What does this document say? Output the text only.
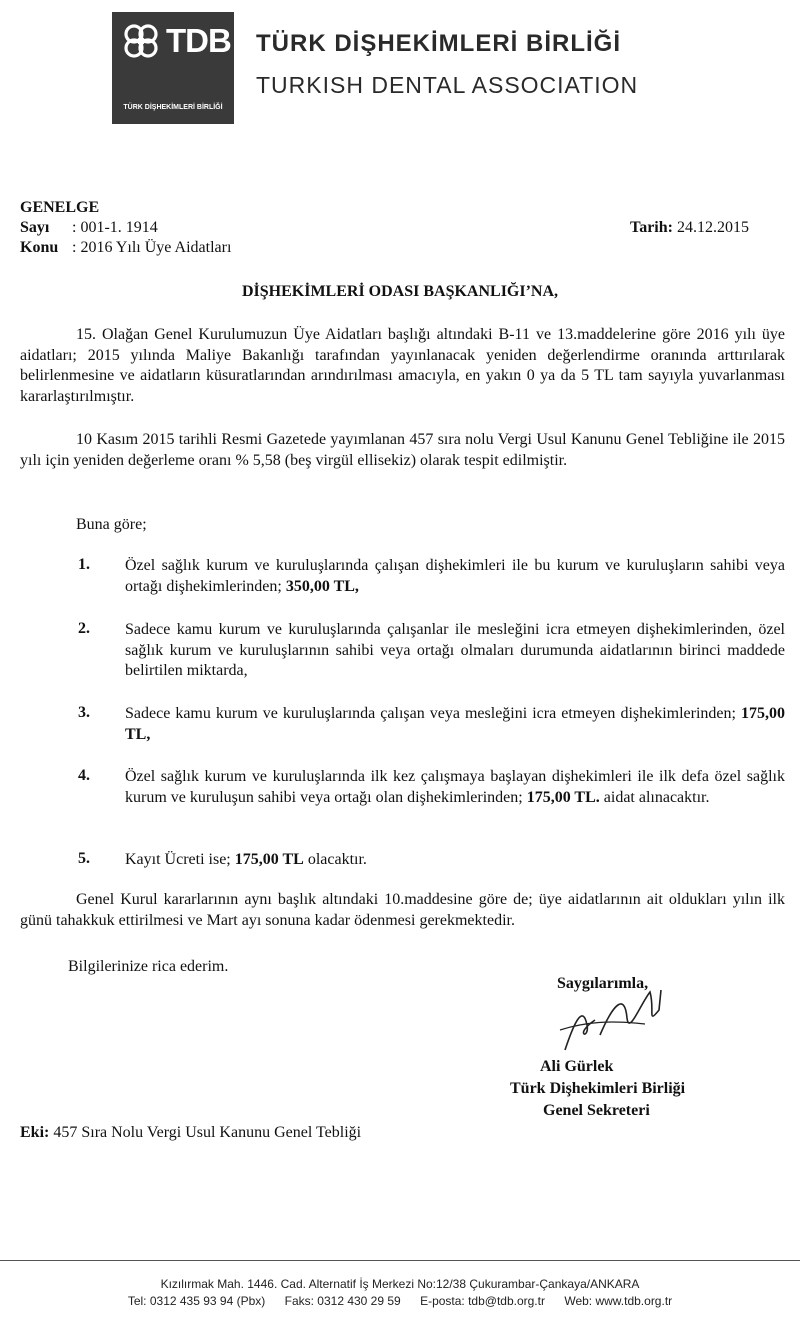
TDB
TÜRK DİŞHEKİMLERİ BİRLİĞİ
TÜRK DİŞHEKİMLERİ BİRLİĞİ
TURKISH DENTAL ASSOCIATION
GENELGE
Sayı : 001-1. 1914
Konu : 2016 Yılı Üye Aidatları
Tarih: 24.12.2015
DİŞHEKİMLERİ ODASI BAŞKANLIĞI’NA,
15. Olağan Genel Kurulumuzun Üye Aidatları başlığı altındaki B-11 ve 13.maddelerine göre 2016 yılı üye aidatları; 2015 yılında Maliye Bakanlığı tarafından yayınlanacak yeniden değerlendirme oranında arttırılarak belirlenmesine ve aidatların küsuratlarından arındırılması amacıyla, en yakın 0 ya da 5 TL tam sayıyla yuvarlanması kararlaştırılmıştır.
10 Kasım 2015 tarihli Resmi Gazetede yayımlanan 457 sıra nolu Vergi Usul Kanunu Genel Tebliğine ile 2015 yılı için yeniden değerleme oranı % 5,58 (beş virgül ellisekiz) olarak tespit edilmiştir.
Buna göre;
1. Özel sağlık kurum ve kuruluşlarında çalışan dişhekimleri ile bu kurum ve kuruluşların sahibi veya ortağı dişhekimlerinden; 350,00 TL,
2. Sadece kamu kurum ve kuruluşlarında çalışanlar ile mesleğini icra etmeyen dişhekimlerinden, özel sağlık kurum ve kuruluşlarının sahibi veya ortağı olmaları durumunda aidatlarının birinci maddede belirtilen miktarda,
3. Sadece kamu kurum ve kuruluşlarında çalışan veya mesleğini icra etmeyen dişhekimlerinden; 175,00 TL,
4. Özel sağlık kurum ve kuruluşlarında ilk kez çalışmaya başlayan dişhekimleri ile ilk defa özel sağlık kurum ve kuruluşun sahibi veya ortağı olan dişhekimlerinden; 175,00 TL. aidat alınacaktır.
5. Kayıt Ücreti ise; 175,00 TL olacaktır.
Genel Kurul kararlarının aynı başlık altındaki 10.maddesine göre de; üye aidatlarının ait oldukları yılın ilk günü tahakkuk ettirilmesi ve Mart ayı sonuna kadar ödenmesi gerekmektedir.
Bilgilerinize rica ederim.
Saygılarımla,
Ali Gürlek
Türk Dişhekimleri Birliği
Genel Sekreteri
Eki: 457 Sıra Nolu Vergi Usul Kanunu Genel Tebliği
Kızılırmak Mah. 1446. Cad. Alternatif İş Merkezi No:12/38 Çukurambar-Çankaya/ANKARA
Tel: 0312 435 93 94 (Pbx) Faks: 0312 430 29 59 E-posta: tdb@tdb.org.tr Web: www.tdb.org.tr
